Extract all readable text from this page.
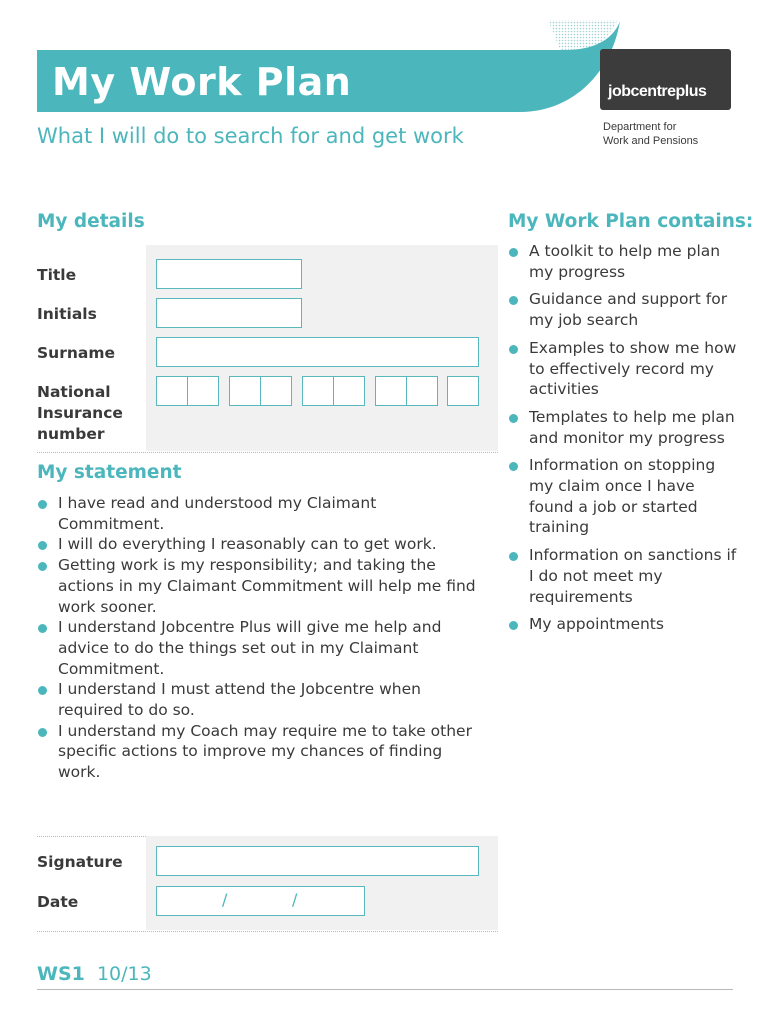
My Work Plan
What I will do to search for and get work
jobcentreplus
Department for
Work and Pensions
My details
Title
Initials
Surname
National Insurance number
My statement
I have read and understood my Claimant Commitment.
I will do everything I reasonably can to get work.
Getting work is my responsibility; and taking the actions in my Claimant Commitment will help me find work sooner.
I understand Jobcentre Plus will give me help and advice to do the things set out in my Claimant Commitment.
I understand I must attend the Jobcentre when required to do so.
I understand my Coach may require me to take other specific actions to improve my chances of finding work.
My Work Plan contains:
A toolkit to help me plan my progress
Guidance and support for my job search
Examples to show me how to effectively record my activities
Templates to help me plan and monitor my progress
Information on stopping my claim once I have found a job or started training
Information on sanctions if I do not meet my requirements
My appointments
Signature
Date	/	/
WS1 10/13
